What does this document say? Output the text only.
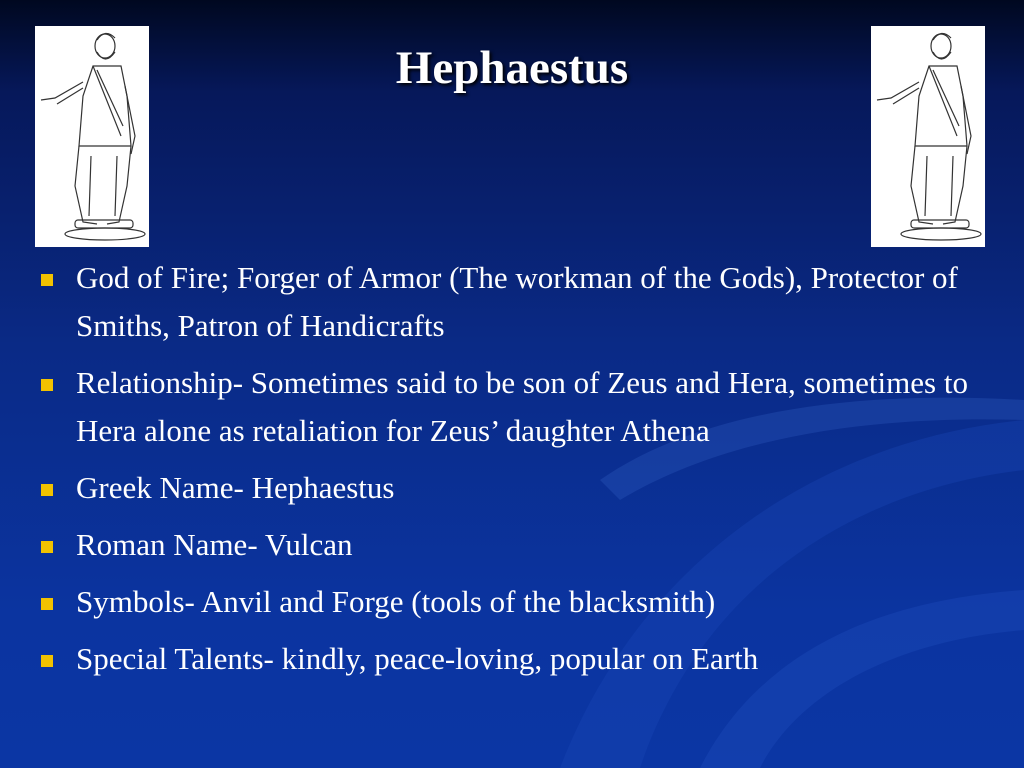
Hephaestus
God of Fire; Forger of Armor (The workman of the Gods), Protector of Smiths, Patron of Handicrafts
Relationship- Sometimes said to be son of Zeus and Hera, sometimes to Hera alone as retaliation for Zeus’ daughter Athena
Greek Name- Hephaestus
Roman Name- Vulcan
Symbols- Anvil and Forge (tools of the blacksmith)
Special Talents- kindly, peace-loving, popular on Earth
